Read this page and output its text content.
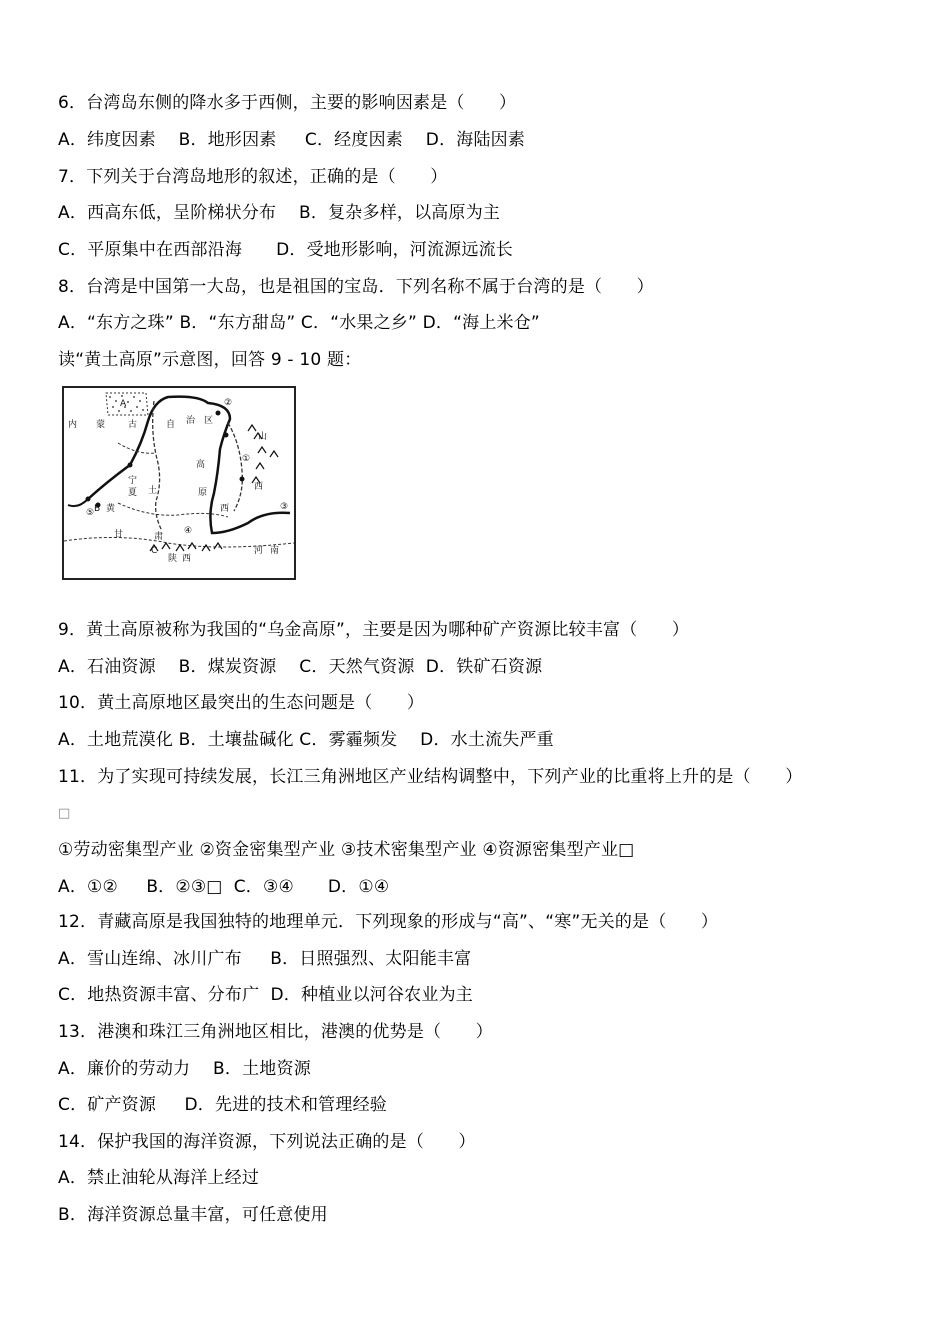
6．台湾岛东侧的降水多于西侧，主要的影响因素是（　　）
A．纬度因素　 B．地形因素　  C．经度因素　 D．海陆因素
7．下列关于台湾岛地形的叙述，正确的是（　　）
A．西高东低，呈阶梯状分布　 B．复杂多样，以高原为主
C．平原集中在西部沿海　   D．受地形影响，河流源远流长
8．台湾是中国第一大岛，也是祖国的宝岛．下列名称不属于台湾的是（　　）
A．“东方之珠” B．“东方甜岛” C．“水果之乡” D．“海上米仓”
读“黄土高原”示意图，回答 9 - 10 题：
A
C
B
②
①
③
④
⑤
内 蒙	古	自 治 区
山
西
高
原
土
宁
夏
黄
甘	肃
陕 西
河 南
西
9．黄土高原被称为我国的“乌金高原”，主要是因为哪种矿产资源比较丰富（　　）
A．石油资源　 B．煤炭资源　 C．天然气资源  D．铁矿石资源
10．黄土高原地区最突出的生态问题是（　　）
A．土地荒漠化 B．土壤盐碱化 C．雾霾频发　 D．水土流失严重
11．为了实现可持续发展，长江三角洲地区产业结构调整中，下列产业的比重将上升的是（　　）
□
①劳动密集型产业 ②资金密集型产业 ③技术密集型产业 ④资源密集型产业□
A．①②　  B．②③□  C．③④　   D．①④
12．青藏高原是我国独特的地理单元．下列现象的形成与“高”、“寒”无关的是（　　）
A．雪山连绵、冰川广布　  B．日照强烈、太阳能丰富
C．地热资源丰富、分布广  D．种植业以河谷农业为主
13．港澳和珠江三角洲地区相比，港澳的优势是（　　）
A．廉价的劳动力　 B．土地资源
C．矿产资源　  D．先进的技术和管理经验
14．保护我国的海洋资源，下列说法正确的是（　　）
A．禁止油轮从海洋上经过
B．海洋资源总量丰富，可任意使用
